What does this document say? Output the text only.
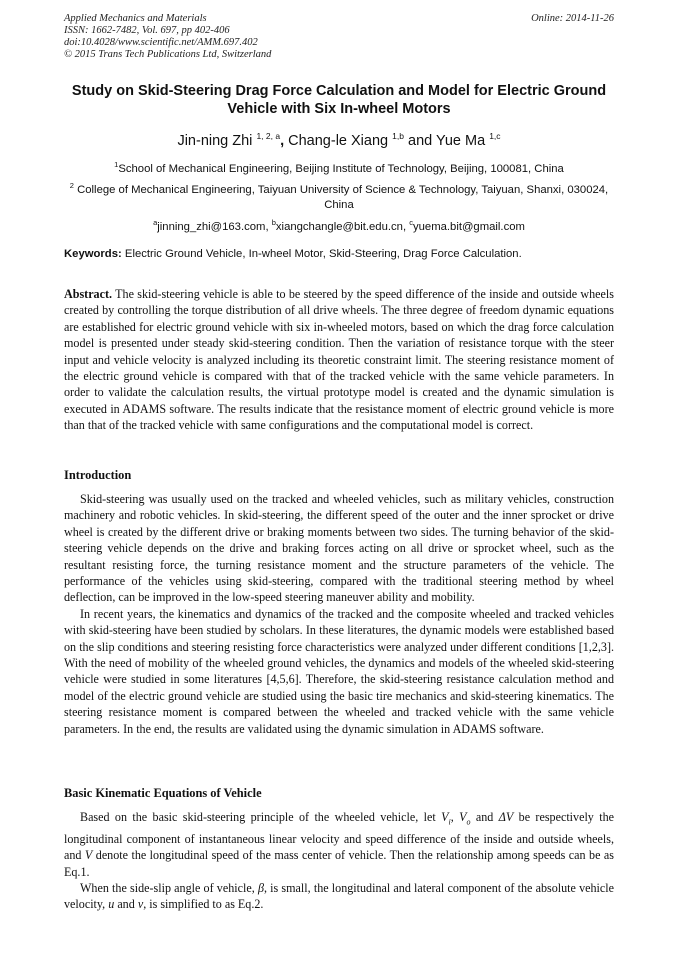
Applied Mechanics and Materials
ISSN: 1662-7482, Vol. 697, pp 402-406
doi:10.4028/www.scientific.net/AMM.697.402
© 2015 Trans Tech Publications Ltd, Switzerland
Online: 2014-11-26
Study on Skid-Steering Drag Force Calculation and Model for Electric Ground Vehicle with Six In-wheel Motors
Jin-ning Zhi $^{1, 2, a}$, Chang-le Xiang $^{1,b}$ and Yue Ma $^{1,c}$
$^1$School of Mechanical Engineering, Beijing Institute of Technology, Beijing, 100081, China
$^2$ College of Mechanical Engineering, Taiyuan University of Science & Technology, Taiyuan, Shanxi, 030024, China
$^a$jinning_zhi@163.com, $^b$xiangchangle@bit.edu.cn, $^c$yuema.bit@gmail.com
Keywords: Electric Ground Vehicle, In-wheel Motor, Skid-Steering, Drag Force Calculation.

Abstract. The skid-steering vehicle is able to be steered by the speed difference of the inside and outside wheels created by controlling the torque distribution of all drive wheels. The three degree of freedom dynamic equations are established for electric ground vehicle with six in-wheeled motors, based on which the drag force calculation model is presented under steady skid-steering condition. Then the variation of resistance torque with the steer input and vehicle velocity is analyzed including its theoretic constraint limit. The steering resistance moment of the electric ground vehicle is compared with that of the tracked vehicle with the same vehicle parameters. In order to validate the calculation results, the virtual prototype model is created and the dynamic simulation is executed in ADAMS software. The results indicate that the resistance moment of electric ground vehicle is more than that of the tracked vehicle with same configurations and the computational model is correct.

Introduction

Skid-steering was usually used on the tracked and wheeled vehicles, such as military vehicles, construction machinery and robotic vehicles. In skid-steering, the different speed of the outer and the inner sprocket or drive wheel is created by the different drive or braking moments between two sides. The turning behavior of the skid-steering vehicle depends on the drive and braking forces acting on all drive or sprocket wheel, such as the resultant resisting force, the turning resistance moment and the structure parameters of the vehicle. The performance of the vehicles using skid-steering, compared with the traditional steering method by wheel deflection, can be improved in the low-speed steering maneuver ability and mobility.

In recent years, the kinematics and dynamics of the tracked and the composite wheeled and tracked vehicles with skid-steering have been studied by scholars. In these literatures, the dynamic models were established based on the slip conditions and steering resisting force characteristics were analyzed under different conditions [1,2,3]. With the need of mobility of the wheeled ground vehicles, the dynamics and models of the wheeled skid-steering vehicle were studied in some literatures [4,5,6]. Therefore, the skid-steering resistance calculation method and model of the electric ground vehicle are studied using the basic tire mechanics and skid-steering kinematics. The steering resistance moment is compared between the wheeled and tracked vehicle with the same vehicle parameters. In the end, the results are validated using the dynamic simulation in ADAMS software.

Basic Kinematic Equations of Vehicle

Based on the basic skid-steering principle of the wheeled vehicle, let $V_i$, $V_o$ and ΔV be respectively the longitudinal component of instantaneous linear velocity and speed difference of the inside and outside wheels, and V denote the longitudinal speed of the mass center of vehicle. Then the relationship among speeds can be as Eq.1.

When the side-slip angle of vehicle, β, is small, the longitudinal and lateral component of the absolute vehicle velocity, u and v, is simplified to as Eq.2.
